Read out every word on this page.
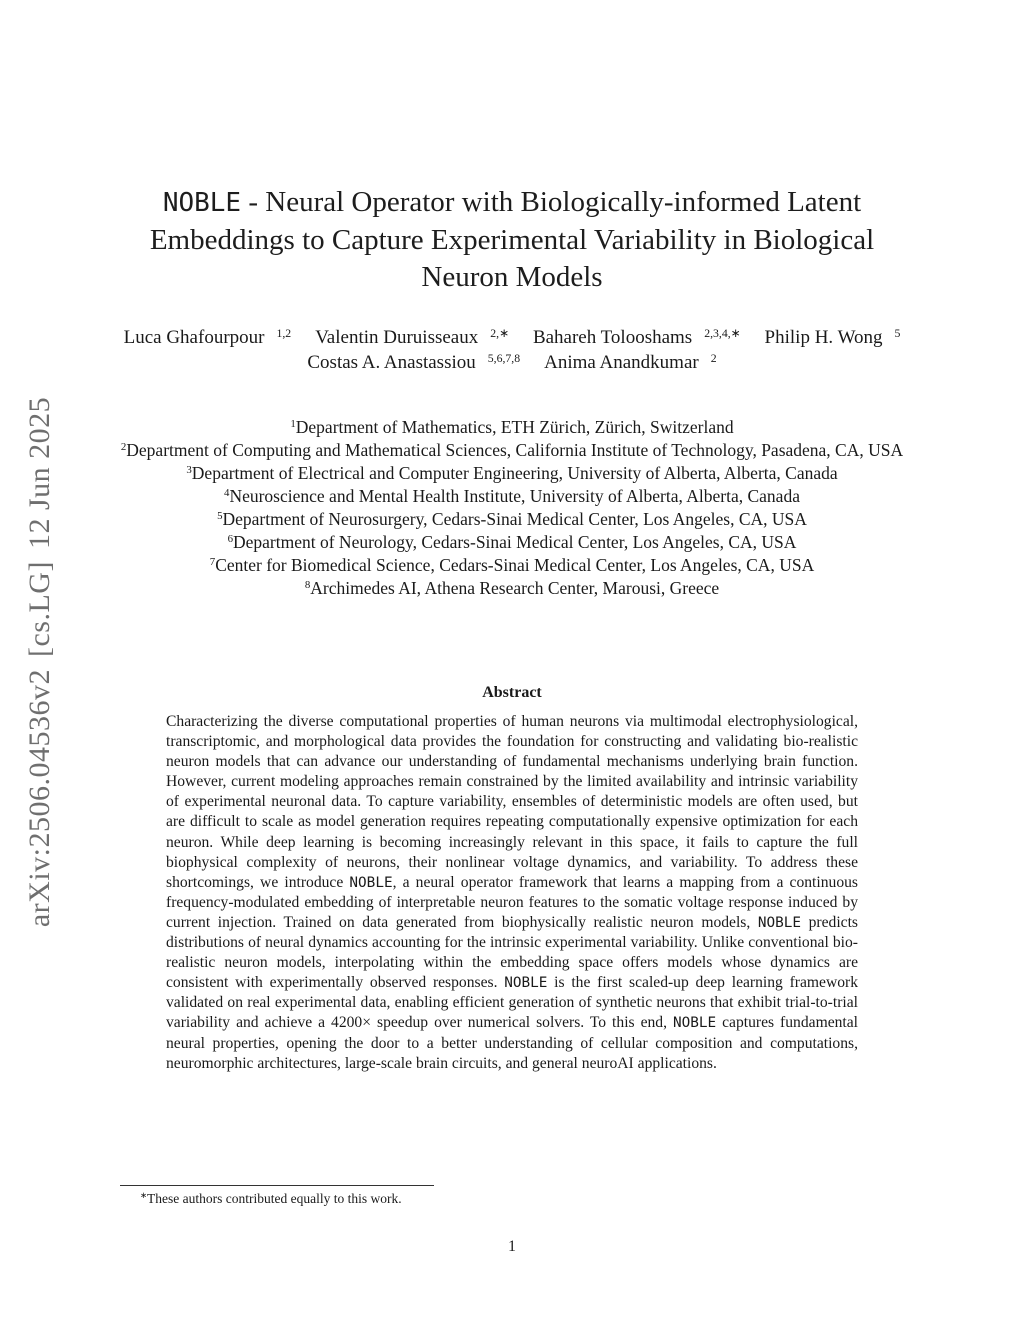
arXiv:2506.04536v2[cs.LG]12 Jun 2025
NOBLE - Neural Operator with Biologically-informed Latent Embeddings to Capture Experimental Variability in Biological Neuron Models
Luca Ghafourpour $^{1,2}$ Valentin Duruisseaux $^{2,∗}$ Bahareh Tolooshams $^{2,3,4,∗}$ Philip H. Wong $^5$
Costas A. Anastassiou $^{5,6,7,8}$ Anima Anandkumar $^2$
$^1$Department of Mathematics, ETH Zürich, Zürich, Switzerland
$^2$Department of Computing and Mathematical Sciences, California Institute of Technology, Pasadena, CA, USA
$^3$Department of Electrical and Computer Engineering, University of Alberta, Alberta, Canada
$^4$Neuroscience and Mental Health Institute, University of Alberta, Alberta, Canada
$^5$Department of Neurosurgery, Cedars-Sinai Medical Center, Los Angeles, CA, USA
$^6$Department of Neurology, Cedars-Sinai Medical Center, Los Angeles, CA, USA
$^7$Center for Biomedical Science, Cedars-Sinai Medical Center, Los Angeles, CA, USA
$^8$Archimedes AI, Athena Research Center, Marousi, Greece
Abstract
Characterizing the diverse computational properties of human neurons via multimodal electrophysiological, transcriptomic, and morphological data provides the foundation for constructing and validating bio-realistic neuron models that can advance our understanding of fundamental mechanisms underlying brain function. However, current modeling approaches remain constrained by the limited availability and intrinsic variability of experimental neuronal data. To capture variability, ensembles of deterministic models are often used, but are difficult to scale as model generation requires repeating computationally expensive optimization for each neuron. While deep learning is becoming increasingly relevant in this space, it fails to capture the full biophysical complexity of neurons, their nonlinear voltage dynamics, and variability. To address these shortcomings, we introduce NOBLE, a neural operator framework that learns a mapping from a continuous frequency-modulated embedding of interpretable neuron features to the somatic voltage response induced by current injection. Trained on data generated from biophysically realistic neuron models, NOBLE predicts distributions of neural dynamics accounting for the intrinsic experimental variability. Unlike conventional bio-realistic neuron models, interpolating within the embedding space offers models whose dynamics are consistent with experimentally observed responses. NOBLE is the first scaled-up deep learning framework validated on real experimental data, enabling efficient generation of synthetic neurons that exhibit trial-to-trial variability and achieve a 4200× speedup over numerical solvers. To this end, NOBLE captures fundamental neural properties, opening the door to a better understanding of cellular composition and computations, neuromorphic architectures, large-scale brain circuits, and general neuroAI applications.
∗These authors contributed equally to this work.
1
